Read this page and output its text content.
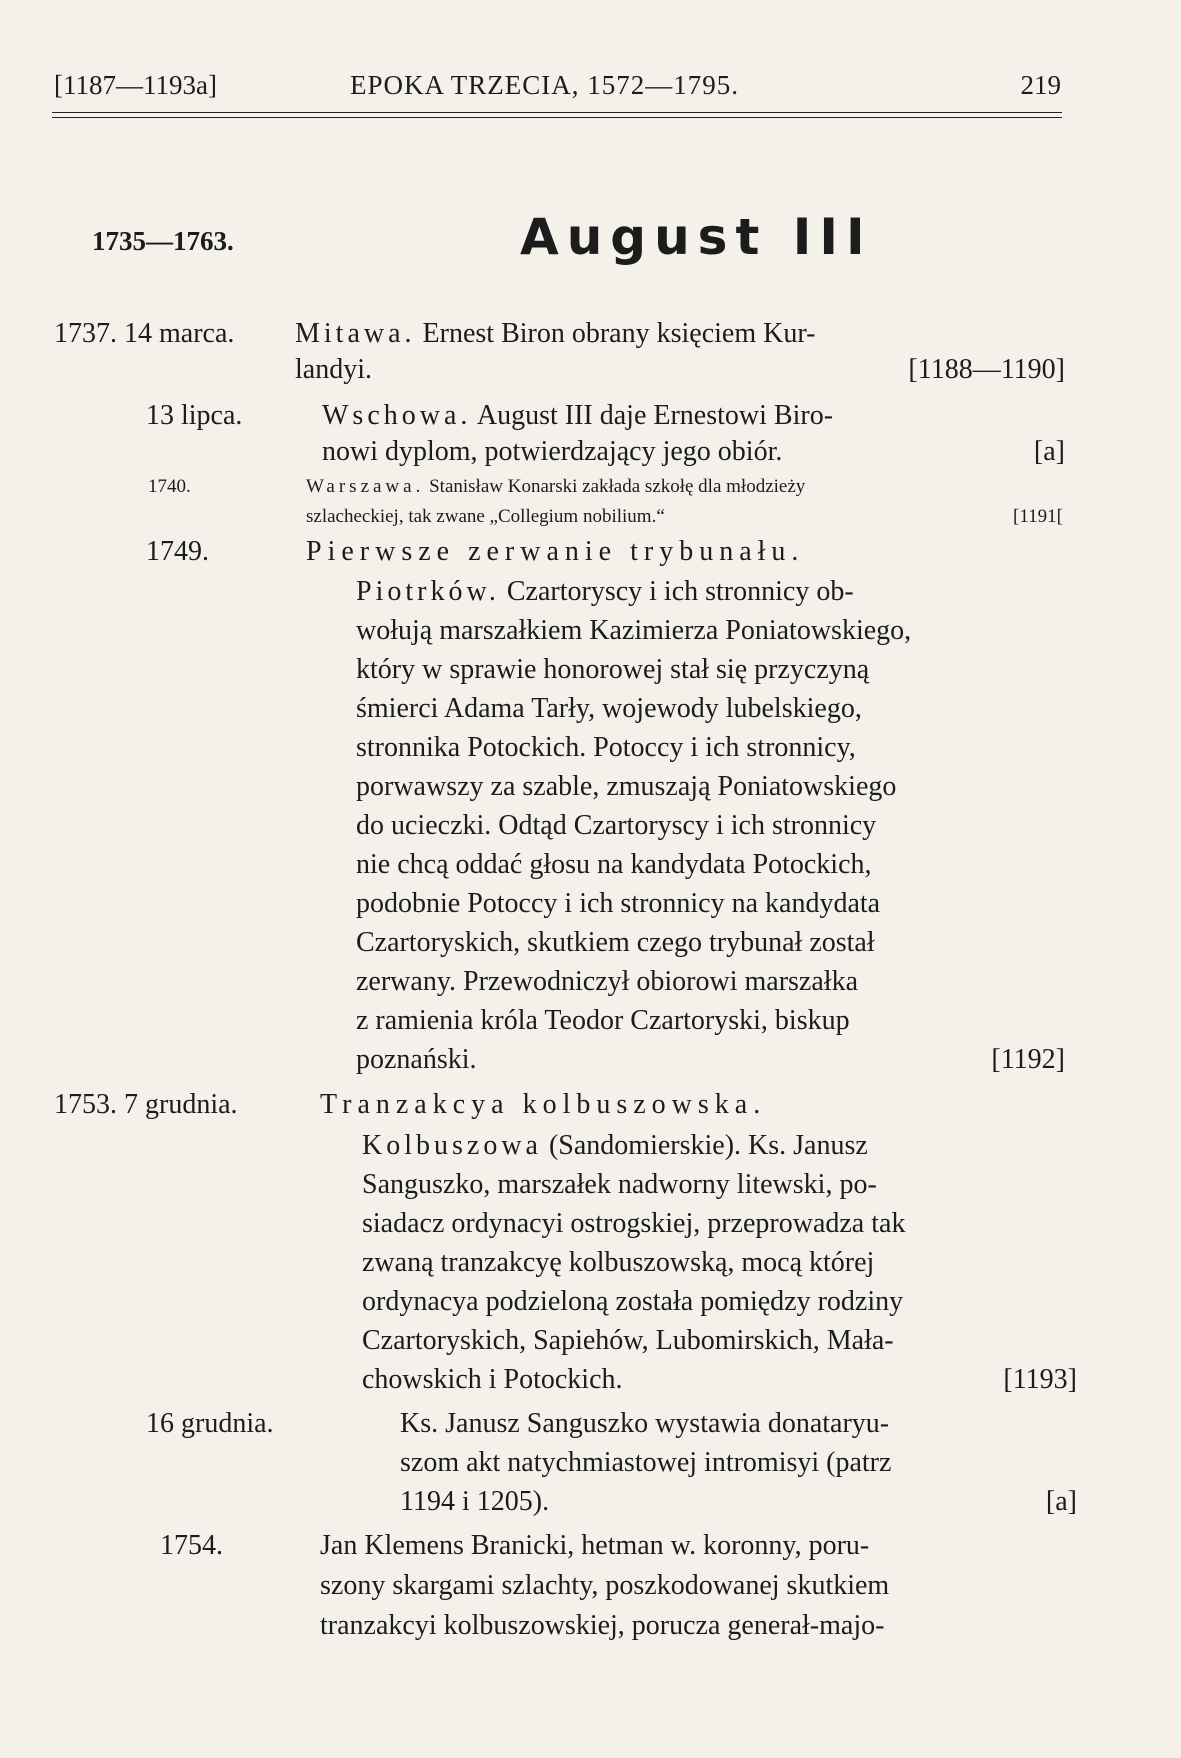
[1187—1193a]	EPOKA TRZECIA, 1572—1795.	219
1735—1763.	August III
1737. 14 marca. Mitawa. Ernest Biron obrany księciem Kur-
landyi.	[1188—1190]
13 lipca.	Wschowa. August III daje Ernestowi Biro-
nowi dyplom, potwierdzający jego obiór.	[a]
1740.	Warszawa. Stanisław Konarski zakłada szkołę dla młodzieży
szlacheckiej, tak zwane „Collegium nobilium.“	[1191[
1749.	Pierwsze zerwanie trybunału.
Piotrków. Czartoryscy i ich stronnicy ob-
wołują marszałkiem Kazimierza Poniatowskiego,
który w sprawie honorowej stał się przyczyną
śmierci Adama Tarły, wojewody lubelskiego,
stronnika Potockich. Potoccy i ich stronnicy,
porwawszy za szable, zmuszają Poniatowskiego
do ucieczki. Odtąd Czartoryscy i ich stronnicy
nie chcą oddać głosu na kandydata Potockich,
podobnie Potoccy i ich stronnicy na kandydata
Czartoryskich, skutkiem czego trybunał został
zerwany. Przewodniczył obiorowi marszałka
z ramienia króla Teodor Czartoryski, biskup
poznański.	[1192]
1753. 7 grudnia.	Tranzakcya kolbuszowska.
Kolbuszowa (Sandomierskie). Ks. Janusz
Sanguszko, marszałek nadworny litewski, po-
siadacz ordynacyi ostrogskiej, przeprowadza tak
zwaną tranzakcyę kolbuszowską, mocą której
ordynacya podzieloną została pomiędzy rodziny
Czartoryskich, Sapiehów, Lubomirskich, Mała-
chowskich i Potockich.	[1193]
16 grudnia.	Ks. Janusz Sanguszko wystawia donataryu-
szom akt natychmiastowej intromisyi (patrz
1194 i 1205).	[a]
1754.	Jan Klemens Branicki, hetman w. koronny, poru-
szony skargami szlachty, poszkodowanej skutkiem
tranzakcyi kolbuszowskiej, porucza generał-majo-
